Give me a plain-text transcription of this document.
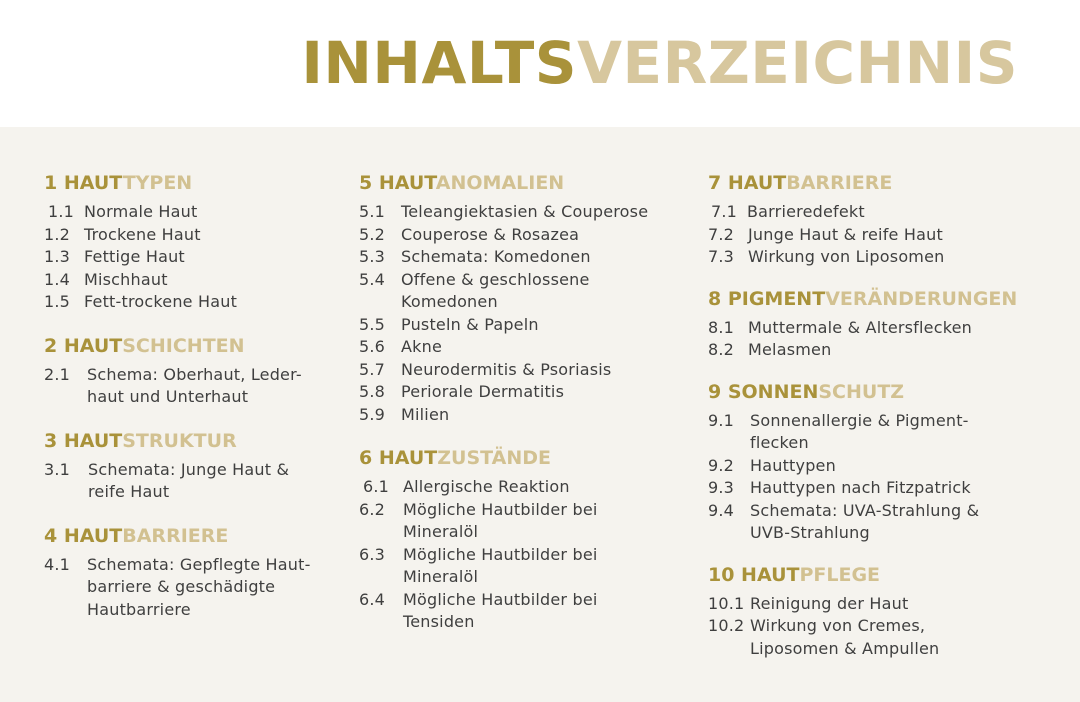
INHALTSVERZEICHNIS
1 HAUTTYPEN
1.1 Normale Haut
1.2 Trockene Haut
1.3 Fettige Haut
1.4 Mischhaut
1.5 Fett-trockene Haut
2 HAUTSCHICHTEN
2.1	Schema: Oberhaut, Leder-haut und Unterhaut
3 HAUTSTRUKTUR
3.1	Schemata: Junge Haut & reife Haut
4 HAUTBARRIERE
4.1	Schemata: Gepflegte Haut-barriere & geschädigte Hautbarriere
5 HAUTANOMALIEN
5.1 Teleangiektasien & Couperose
5.2 Couperose & Rosazea
5.3 Schemata: Komedonen
5.4 Offene & geschlossene Komedonen
5.5 Pusteln & Papeln
5.6 Akne
5.7 Neurodermitis & Psoriasis
5.8 Periorale Dermatitis
5.9 Milien
6 HAUTZUSTÄNDE
6.1 Allergische Reaktion
6.2	Mögliche Hautbilder bei Mineralöl
6.3	Mögliche Hautbilder bei Mineralöl
6.4	Mögliche Hautbilder bei Tensiden
7 HAUTBARRIERE
7.1 Barrieredefekt
7.2 Junge Haut & reife Haut
7.3 Wirkung von Liposomen
8 PIGMENTVERÄNDERUNGEN
8.1 Muttermale & Altersflecken
8.2 Melasmen
9 SONNENSCHUTZ
9.1 Sonnenallergie & Pigment-flecken
9.2 Hauttypen
9.3 Hauttypen nach Fitzpatrick
9.4 Schemata: UVA-Strahlung & UVB-Strahlung
10 HAUTPFLEGE
10.1 Reinigung der Haut
10.2 Wirkung von Cremes, Liposomen & Ampullen
